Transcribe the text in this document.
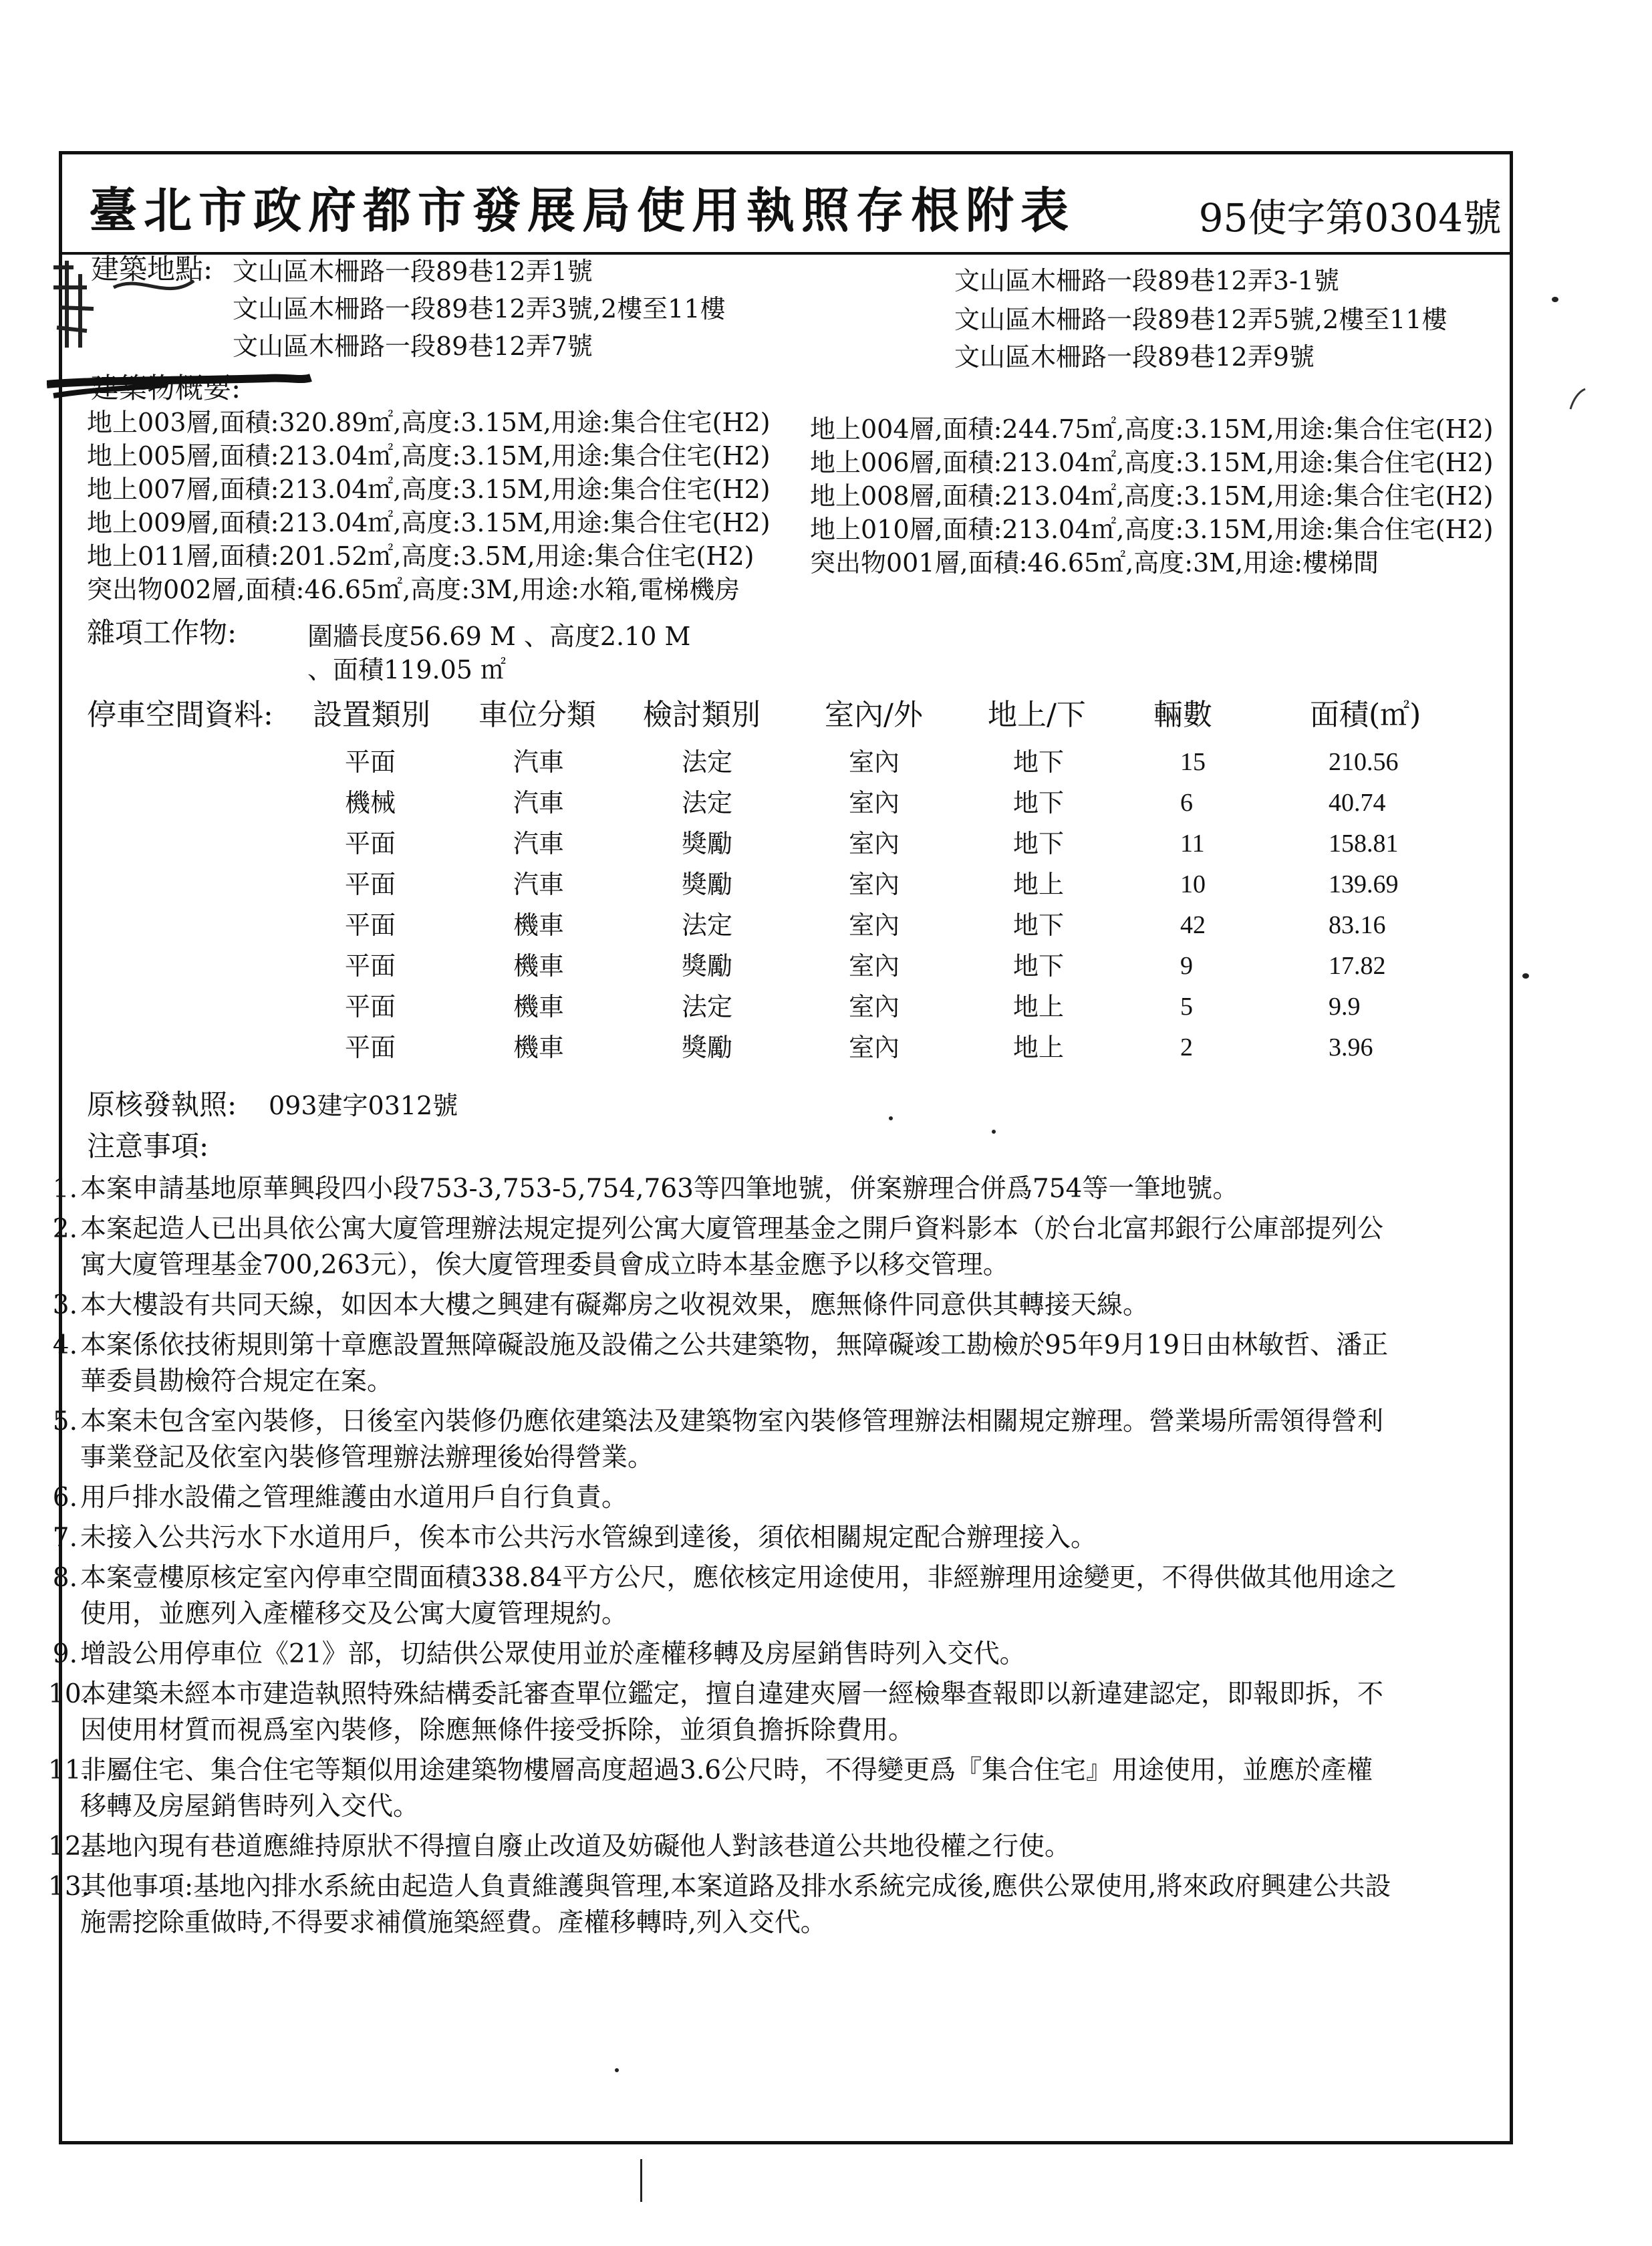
臺北市政府都市發展局使用執照存根附表	95使字第0304號
建築地點: 文山區木柵路一段89巷12弄1號
文山區木柵路一段89巷12弄3號,2樓至11樓
文山區木柵路一段89巷12弄7號
文山區木柵路一段89巷12弄3-1號
文山區木柵路一段89巷12弄5號,2樓至11樓
文山區木柵路一段89巷12弄9號
建築物概要:
地上003層,面積:320.89㎡,高度:3.15M,用途:集合住宅(H2)
地上005層,面積:213.04㎡,高度:3.15M,用途:集合住宅(H2)
地上007層,面積:213.04㎡,高度:3.15M,用途:集合住宅(H2)
地上009層,面積:213.04㎡,高度:3.15M,用途:集合住宅(H2)
地上011層,面積:201.52㎡,高度:3.5M,用途:集合住宅(H2)
突出物002層,面積:46.65㎡,高度:3M,用途:水箱,電梯機房
地上004層,面積:244.75㎡,高度:3.15M,用途:集合住宅(H2)
地上006層,面積:213.04㎡,高度:3.15M,用途:集合住宅(H2)
地上008層,面積:213.04㎡,高度:3.15M,用途:集合住宅(H2)
地上010層,面積:213.04㎡,高度:3.15M,用途:集合住宅(H2)
突出物001層,面積:46.65㎡,高度:3M,用途:樓梯間
雜項工作物:	圍牆長度56.69 M 、高度2.10 M
、面積119.05 ㎡
停車空間資料: 設置類別 車位分類 檢討類別 室內/外 地上/下 輛數	面積(㎡)
平面	汽車	法定	室內	地下	15	210.56
機械	汽車	法定	室內	地下	6	40.74
平面	汽車	獎勵	室內	地下	11	158.81
平面	汽車	獎勵	室內	地上	10	139.69
平面	機車	法定	室內	地下	42	83.16
平面	機車	獎勵	室內	地下	9	17.82
平面	機車	法定	室內	地上	5	9.9
平面	機車	獎勵	室內	地上	2	3.96
原核發執照: 093建字0312號
注意事項:
1. 本案申請基地原華興段四小段753-3,753-5,754,763等四筆地號，併案辦理合併爲754等一筆地號。
2. 本案起造人已出具依公寓大廈管理辦法規定提列公寓大廈管理基金之開戶資料影本（於台北富邦銀行公庫部提列公
寓大廈管理基金700,263元），俟大廈管理委員會成立時本基金應予以移交管理。
3. 本大樓設有共同天線，如因本大樓之興建有礙鄰房之收視效果，應無條件同意供其轉接天線。
4. 本案係依技術規則第十章應設置無障礙設施及設備之公共建築物，無障礙竣工勘檢於95年9月19日由林敏哲、潘正
華委員勘檢符合規定在案。
5. 本案未包含室內裝修，日後室內裝修仍應依建築法及建築物室內裝修管理辦法相關規定辦理。營業場所需領得營利
事業登記及依室內裝修管理辦法辦理後始得營業。
6. 用戶排水設備之管理維護由水道用戶自行負責。
7. 未接入公共污水下水道用戶，俟本市公共污水管線到達後，須依相關規定配合辦理接入。
8. 本案壹樓原核定室內停車空間面積338.84平方公尺，應依核定用途使用，非經辦理用途變更，不得供做其他用途之
使用，並應列入產權移交及公寓大廈管理規約。
9. 增設公用停車位《21》部，切結供公眾使用並於產權移轉及房屋銷售時列入交代。
10.本建築未經本市建造執照特殊結構委託審查單位鑑定，擅自違建夾層一經檢舉查報即以新違建認定，即報即拆，不
因使用材質而視爲室內裝修，除應無條件接受拆除，並須負擔拆除費用。
11.非屬住宅、集合住宅等類似用途建築物樓層高度超過3.6公尺時，不得變更爲『集合住宅』用途使用，並應於產權
移轉及房屋銷售時列入交代。
12.基地內現有巷道應維持原狀不得擅自廢止改道及妨礙他人對該巷道公共地役權之行使。
13.其他事項:基地內排水系統由起造人負責維護與管理,本案道路及排水系統完成後,應供公眾使用,將來政府興建公共設
施需挖除重做時,不得要求補償施築經費。產權移轉時,列入交代。
